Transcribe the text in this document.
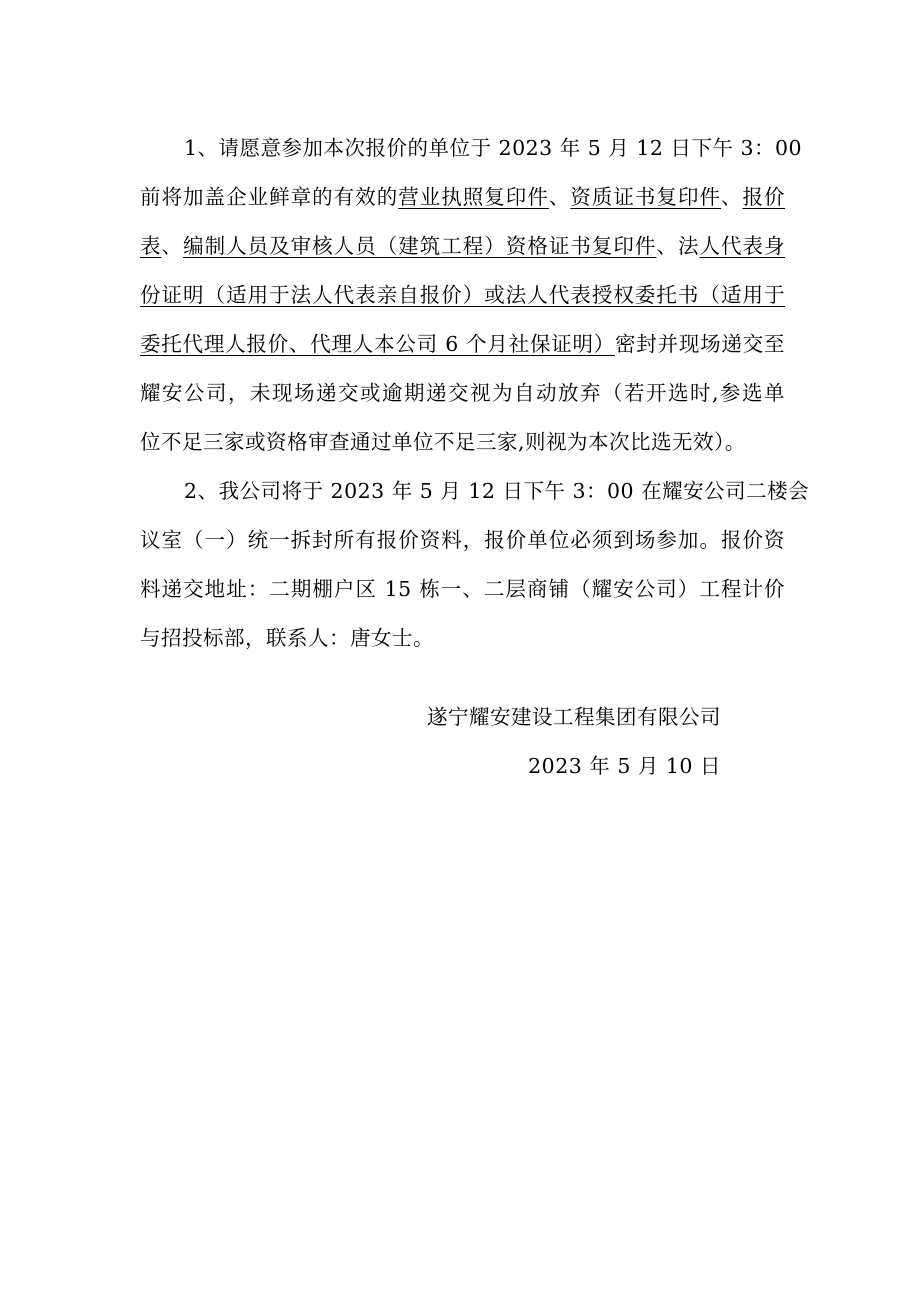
1、请愿意参加本次报价的单位于 2023 年 5 月 12 日下午 3：00
前将加盖企业鲜章的有效的营业执照复印件、资质证书复印件、报价
表、编制人员及审核人员（建筑工程）资格证书复印件、法人代表身
份证明（适用于法人代表亲自报价）或法人代表授权委托书（适用于
委托代理人报价、代理人本公司 6 个月社保证明）密封并现场递交至
耀安公司，未现场递交或逾期递交视为自动放弃（若开选时,参选单
位不足三家或资格审查通过单位不足三家,则视为本次比选无效）。
2、我公司将于 2023 年 5 月 12 日下午 3：00 在耀安公司二楼会
议室（一）统一拆封所有报价资料，报价单位必须到场参加。报价资
料递交地址：二期棚户区 15 栋一、二层商铺（耀安公司）工程计价
与招投标部，联系人：唐女士。
遂宁耀安建设工程集团有限公司
2023 年 5 月 10 日
